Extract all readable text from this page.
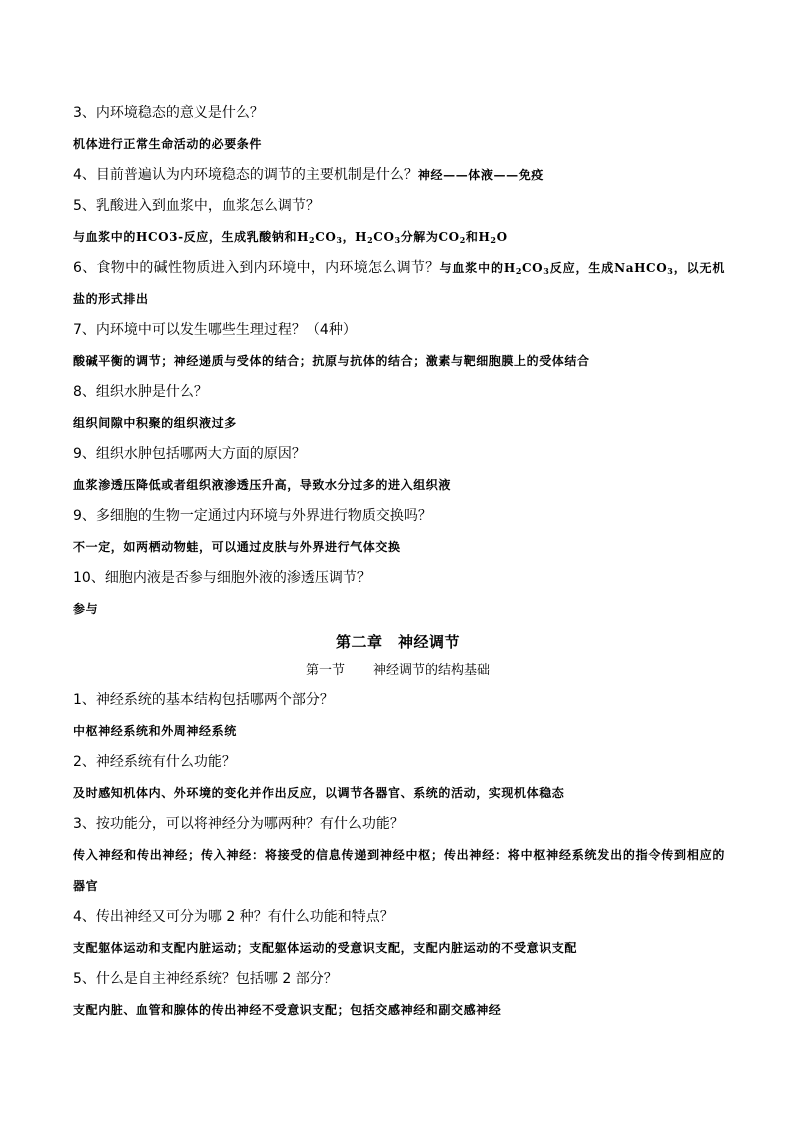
3、内环境稳态的意义是什么？
机体进行正常生命活动的必要条件
4、目前普遍认为内环境稳态的调节的主要机制是什么？神经——体液——免疫
5、乳酸进入到血浆中，血浆怎么调节？
与血浆中的HCO3-反应，生成乳酸钠和$H_2CO_3$，$H_2CO_3$分解为$CO_2$和$H_2O$
6、食物中的碱性物质进入到内环境中，内环境怎么调节？与血浆中的$H_2CO_3$反应，生成NaHCO$_3$，以无机盐的形式排出
7、内环境中可以发生哪些生理过程？（4种）
酸碱平衡的调节；神经递质与受体的结合；抗原与抗体的结合；激素与靶细胞膜上的受体结合
8、组织水肿是什么？
组织间隙中积聚的组织液过多
9、组织水肿包括哪两大方面的原因？
血浆渗透压降低或者组织液渗透压升高，导致水分过多的进入组织液
9、多细胞的生物一定通过内环境与外界进行物质交换吗？
不一定，如两栖动物蛙，可以通过皮肤与外界进行气体交换
10、细胞内液是否参与细胞外液的渗透压调节？
参与
第二章　神经调节
第一节 神经调节的结构基础
1、神经系统的基本结构包括哪两个部分？
中枢神经系统和外周神经系统
2、神经系统有什么功能？
及时感知机体内、外环境的变化并作出反应，以调节各器官、系统的活动，实现机体稳态
3、按功能分，可以将神经分为哪两种？有什么功能？
传入神经和传出神经；传入神经：将接受的信息传递到神经中枢；传出神经：将中枢神经系统发出的指令传到相应的器官
4、传出神经又可分为哪 2 种？有什么功能和特点？
支配躯体运动和支配内脏运动；支配躯体运动的受意识支配，支配内脏运动的不受意识支配
5、什么是自主神经系统？包括哪 2 部分？
支配内脏、血管和腺体的传出神经不受意识支配；包括交感神经和副交感神经
